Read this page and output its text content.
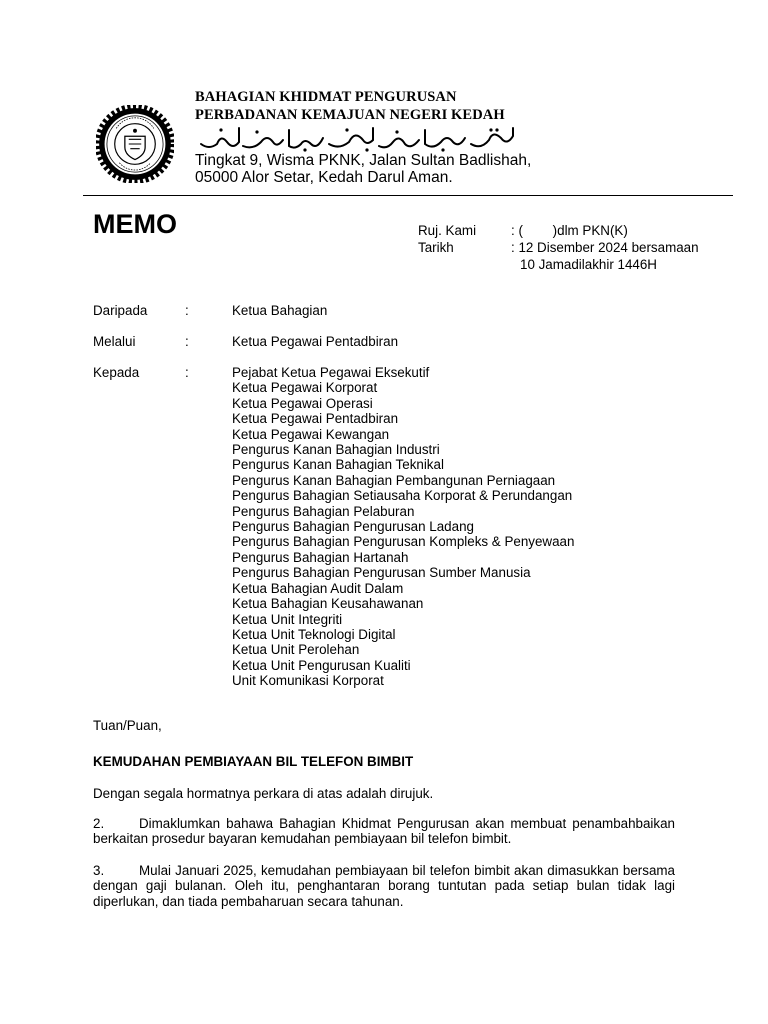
BAHAGIAN KHIDMAT PENGURUSAN
PERBADANAN KEMAJUAN NEGERI KEDAH
Tingkat 9, Wisma PKNK, Jalan Sultan Badlishah,
05000 Alor Setar, Kedah Darul Aman.
MEMO	Ruj. Kami	: (        )dlm PKN(K)
Tarikh	: 12 Disember 2024 bersamaan
10 Jamadilakhir 1446H
Daripada	:	Ketua Bahagian
Melalui	:	Ketua Pegawai Pentadbiran
Kepada	:	Pejabat Ketua Pegawai Eksekutif
Ketua Pegawai Korporat
Ketua Pegawai Operasi
Ketua Pegawai Pentadbiran
Ketua Pegawai Kewangan
Pengurus Kanan Bahagian Industri
Pengurus Kanan Bahagian Teknikal
Pengurus Kanan Bahagian Pembangunan Perniagaan
Pengurus Bahagian Setiausaha Korporat & Perundangan
Pengurus Bahagian Pelaburan
Pengurus Bahagian Pengurusan Ladang
Pengurus Bahagian Pengurusan Kompleks & Penyewaan
Pengurus Bahagian Hartanah
Pengurus Bahagian Pengurusan Sumber Manusia
Ketua Bahagian Audit Dalam
Ketua Bahagian Keusahawanan
Ketua Unit Integriti
Ketua Unit Teknologi Digital
Ketua Unit Perolehan
Ketua Unit Pengurusan Kualiti
Unit Komunikasi Korporat
Tuan/Puan,
KEMUDAHAN PEMBIAYAAN BIL TELEFON BIMBIT
Dengan segala hormatnya perkara di atas adalah dirujuk.
2.	Dimaklumkan bahawa Bahagian Khidmat Pengurusan akan membuat penambahbaikan berkaitan prosedur bayaran kemudahan pembiayaan bil telefon bimbit.
3.	Mulai Januari 2025, kemudahan pembiayaan bil telefon bimbit akan dimasukkan bersama dengan gaji bulanan. Oleh itu, penghantaran borang tuntutan pada setiap bulan tidak lagi diperlukan, dan tiada pembaharuan secara tahunan.
